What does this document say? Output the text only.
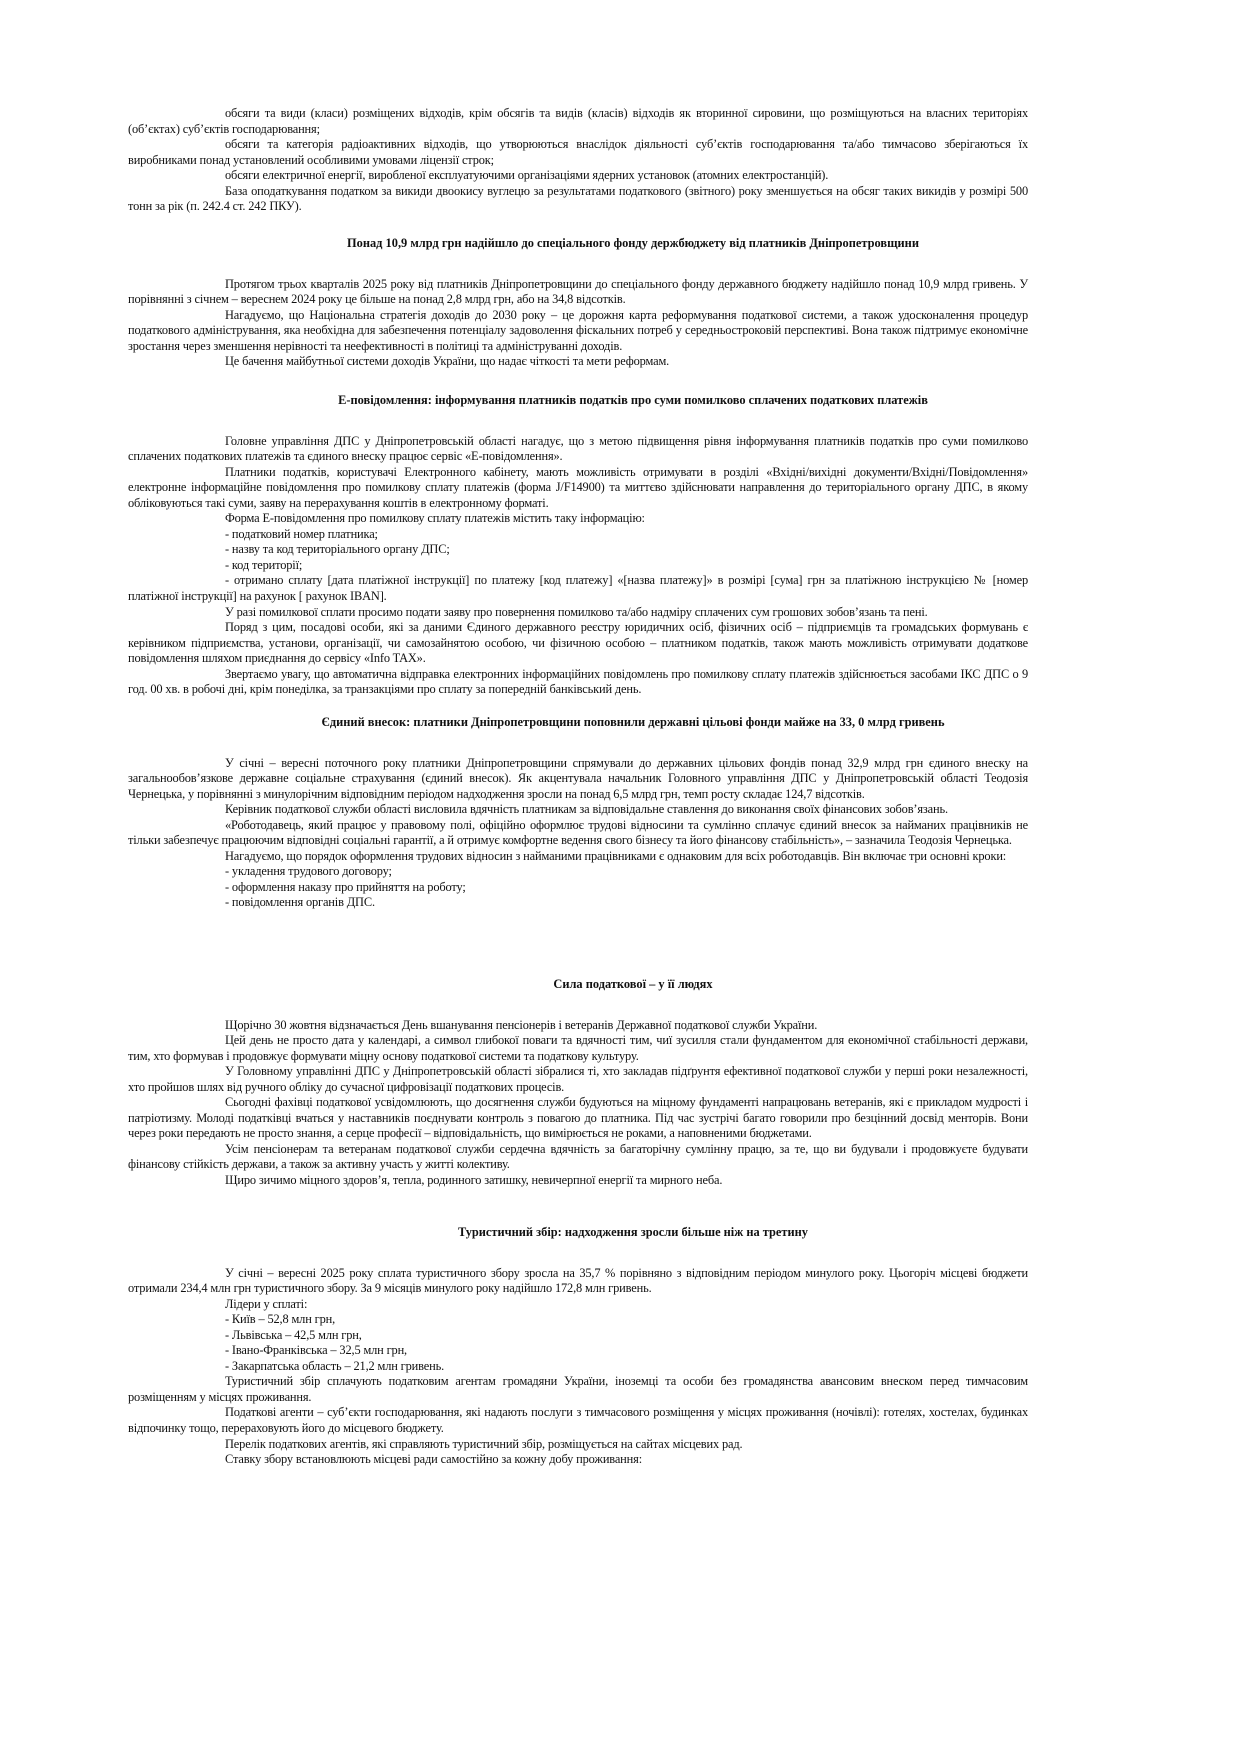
обсяги та види (класи) розміщених відходів, крім обсягів та видів (класів) відходів як вторинної сировини, що розміщуються на власних територіях (об’єктах) суб’єктів господарювання;

обсяги та категорія радіоактивних відходів, що утворюються внаслідок діяльності суб’єктів господарювання та/або тимчасово зберігаються їх виробниками понад установлений особливими умовами ліцензії строк;

обсяги електричної енергії, виробленої експлуатуючими організаціями ядерних установок (атомних електростанцій).

База оподаткування податком за викиди двоокису вуглецю за результатами податкового (звітного) року зменшується на обсяг таких викидів у розмірі 500 тонн за рік (п. 242.4 ст. 242 ПКУ).

Понад 10,9 млрд грн надійшло до спеціального фонду держбюджету від платників Дніпропетровщини

Протягом трьох кварталів 2025 року від платників Дніпропетровщини до спеціального фонду державного бюджету надійшло понад 10,9 млрд гривень. У порівнянні з січнем – вереснем 2024 року це більше на понад 2,8 млрд грн, або на 34,8 відсотків.

Нагадуємо, що Національна стратегія доходів до 2030 року – це дорожня карта реформування податкової системи, а також удосконалення процедур податкового адміністрування, яка необхідна для забезпечення потенціалу задоволення фіскальних потреб у середньостроковій перспективі. Вона також підтримує економічне зростання через зменшення нерівності та неефективності в політиці та адмініструванні доходів.

Це бачення майбутньої системи доходів України, що надає чіткості та мети реформам.

Е-повідомлення: інформування платників податків про суми помилково сплачених податкових платежів

Головне управління ДПС у Дніпропетровській області нагадує, що з метою підвищення рівня інформування платників податків про суми помилково сплачених податкових платежів та єдиного внеску працює сервіс «Е-повідомлення».

Платники податків, користувачі Електронного кабінету, мають можливість отримувати в розділі «Вхідні/вихідні документи/Вхідні/Повідомлення» електронне інформаційне повідомлення про помилкову сплату платежів (форма J/F14900) та миттєво здійснювати направлення до територіального органу ДПС, в якому обліковуються такі суми, заяву на перерахування коштів в електронному форматі.

Форма Е-повідомлення про помилкову сплату платежів містить таку інформацію:

- податковий номер платника;

- назву та код територіального органу ДПС;

- код території;

- отримано сплату [дата платіжної інструкції] по платежу [код платежу] «[назва платежу]» в розмірі [сума] грн за платіжною інструкцією № [номер платіжної інструкції] на рахунок [ рахунок IBAN].

У разі помилкової сплати просимо подати заяву про повернення помилково та/або надміру сплачених сум грошових зобов’язань та пені.

Поряд з цим, посадові особи, які за даними Єдиного державного реєстру юридичних осіб, фізичних осіб – підприємців та громадських формувань є керівником підприємства, установи, організації, чи самозайнятою особою, чи фізичною особою – платником податків, також мають можливість отримувати додаткове повідомлення шляхом приєднання до сервісу «Info TAX».

Звертаємо увагу, що автоматична відправка електронних інформаційних повідомлень про помилкову сплату платежів здійснюється засобами ІКС ДПС о 9 год. 00 хв. в робочі дні, крім понеділка, за транзакціями про сплату за попередній банківський день.

Єдиний внесок: платники Дніпропетровщини поповнили державні цільові фонди майже на 33, 0 млрд гривень

У січні – вересні поточного року платники Дніпропетровщини спрямували до державних цільових фондів понад 32,9 млрд грн єдиного внеску на загальнообов’язкове державне соціальне страхування (єдиний внесок). Як акцентувала начальник Головного управління ДПС у Дніпропетровській області Теодозія Чернецька, у порівнянні з минулорічним відповідним періодом надходження зросли на понад 6,5 млрд грн, темп росту складає 124,7 відсотків.

Керівник податкової служби області висловила вдячність платникам за відповідальне ставлення до виконання своїх фінансових зобов’язань.

«Роботодавець, який працює у правовому полі, офіційно оформлює трудові відносини та сумлінно сплачує єдиний внесок за найманих працівників не тільки забезпечує працюючим відповідні соціальні гарантії, а й отримує комфортне ведення свого бізнесу та його фінансову стабільність», – зазначила Теодозія Чернецька.

Нагадуємо, що порядок оформлення трудових відносин з найманими працівниками є однаковим для всіх роботодавців. Він включає три основні кроки:

- укладення трудового договору;

- оформлення наказу про прийняття на роботу;

- повідомлення органів ДПС.

Сила податкової – у її людях

Щорічно 30 жовтня відзначається День вшанування пенсіонерів і ветеранів Державної податкової служби України.

Цей день не просто дата у календарі, а символ глибокої поваги та вдячності тим, чиї зусилля стали фундаментом для економічної стабільності держави, тим, хто формував і продовжує формувати міцну основу податкової системи та податкову культуру.

У Головному управлінні ДПС у Дніпропетровській області зібралися ті, хто закладав підґрунтя ефективної податкової служби у перші роки незалежності, хто пройшов шлях від ручного обліку до сучасної цифровізації податкових процесів.

Сьогодні фахівці податкової усвідомлюють, що досягнення служби будуються на міцному фундаменті напрацювань ветеранів, які є прикладом мудрості і патріотизму. Молоді податківці вчаться у наставників поєднувати контроль з повагою до платника. Під час зустрічі багато говорили про безцінний досвід менторів. Вони через роки передають не просто знання, а серце професії – відповідальність, що вимірюється не роками, а наповненими бюджетами.

Усім пенсіонерам та ветеранам податкової служби сердечна вдячність за багаторічну сумлінну працю, за те, що ви будували і продовжуєте будувати фінансову стійкість держави, а також за активну участь у житті колективу.

Щиро зичимо міцного здоров’я, тепла, родинного затишку, невичерпної енергії та мирного неба.

Туристичний збір: надходження зросли більше ніж на третину

У січні – вересні 2025 року сплата туристичного збору зросла на 35,7 % порівняно з відповідним періодом минулого року. Цьогоріч місцеві бюджети отримали 234,4 млн грн туристичного збору. За 9 місяців минулого року надійшло 172,8 млн гривень.

Лідери у сплаті:

- Київ – 52,8 млн грн,

- Львівська – 42,5 млн грн,

- Івано-Франківська – 32,5 млн грн,

- Закарпатська область – 21,2 млн гривень.

Туристичний збір сплачують податковим агентам громадяни України, іноземці та особи без громадянства авансовим внеском перед тимчасовим розміщенням у місцях проживання.

Податкові агенти – суб’єкти господарювання, які надають послуги з тимчасового розміщення у місцях проживання (ночівлі): готелях, хостелах, будинках відпочинку тощо, перераховують його до місцевого бюджету.

Перелік податкових агентів, які справляють туристичний збір, розміщується на сайтах місцевих рад.

Ставку збору встановлюють місцеві ради самостійно за кожну добу проживання:
